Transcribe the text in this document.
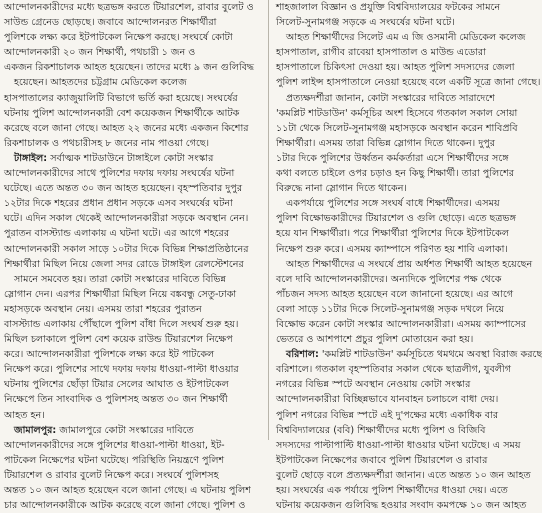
আন্দোলনকারীদের মধ্যে ছত্রভঙ্গ করতে টিয়ারশেল, রাবার বুলেট ও
সাউন্ড গ্রেনেড ছোড়ছে। জবাবে আন্দোলনরত শিক্ষার্থীরা
পুলিশকে লক্ষ্য করে ইটপাটকেল নিক্ষেপ করছে। সংঘর্ষে কোটা
আন্দোলনকারী ২০ জন শিক্ষার্থী, পথচারী ১ জন ও
একজন রিকশাচালক আহত হয়েছেন। তাদের মধ্যে ৯ জন গুলিবিদ্ধ
হয়েছেন। আহতদের চট্টগ্রাম মেডিকেল কলেজ
হাসপাতালের ক্যাজুয়ালিটি বিভাগে ভর্তি করা হয়েছে। সংঘর্ষের
ঘটনায় পুলিশ আন্দোলনকারী বেশ কয়েকজন শিক্ষার্থীকে আটক
করেছে বলে জানা গেছে। আহত ২২ জনের মধ্যে একজন কিশোর
রিকশাচালক ও পথচারীসহ ৮ জনের নাম পাওয়া গেছে।
টাঙ্গাইল: সর্বাত্মক শাটডাউনে টাঙ্গাইলে কোটা সংস্কার
আন্দোলনকারীদের সাথে পুলিশের দফায় দফায় সংঘর্ষের ঘটনা
ঘটেছে। এতে অন্তত ৩০ জন আহত হয়েছেন। বৃহস্পতিবার দুপুর
১২টার দিকে শহরের প্রধান প্রধান সড়কে এসব সংঘর্ষের ঘটনা
ঘটে। এদিন সকাল থেকেই আন্দোলনকারীরা সড়কে অবস্থান নেন।
পুরাতন বাসস্ট্যান্ড এলাকায় এ ঘটনা ঘটে। এর আগে শহরের
আন্দোলনকারী সকাল সাড়ে ১০টার দিকে বিভিন্ন শিক্ষাপ্রতিষ্ঠানের
শিক্ষার্থীরা মিছিল নিয়ে জেলা সদর রোডে টাঙ্গাইল রেলস্টেশনের
সামনে সমবেত হয়। তারা কোটা সংস্কারের দাবিতে বিভিন্ন
স্লোগান দেন। এরপর শিক্ষার্থীরা মিছিল নিয়ে বঙ্কবন্ধু সেতু-ঢাকা
মহাসড়কে অবস্থান নেয়। এসময় তারা শহরের পুরাতন
বাসস্ট্যান্ড এলাকায় পৌঁছালে পুলিশ বাঁধা দিলে সংঘর্ষ শুরু হয়।
মিছিল চলাকালে পুলিশ বেশ কয়েক রাউন্ড টিয়ারশেল নিক্ষেপ
করে। আন্দোলনকারীরা পুলিশকে লক্ষ্য করে ইট পাটকেল
নিক্ষেপ করে। পুলিশের সাথে দফায় দফায় ধাওয়া-পাল্টা ধাওয়ার
ঘটনায় পুলিশের ছোঁড়া টিয়ার সেলের আঘাত ও ইটপাটকেল
নিক্ষেপে তিন সাংবাদিক ও পুলিশসহ অন্তত ৩০ জন শিক্ষার্থী
আহত হন।
জামালপুর: জামালপুরে কোটা সংস্কারের দাবিতে
আন্দোলনকারীদের সঙ্গে পুলিশের ধাওয়া-পাল্টা ধাওয়া, ইট-
পাটকেল নিক্ষেপের ঘটনা ঘটেছে। পরিস্থিতি নিয়ন্ত্রণে পুলিশ
টিয়ারশেল ও রাবার বুলেট নিক্ষেপ করে। সংঘর্ষে পুলিশসহ
অন্তত ১০ জন আহত হয়েছেন বলে জানা গেছে। এ ঘটনায় পুলিশ
চার আন্দোলনকারীকে আটক করেছে বলে জানা গেছে। পুলিশ ও
শাহজালাল বিজ্ঞান ও প্রযুক্তি বিশ্ববিদ্যালয়ের ফটকের সামনে
সিলেট-সুনামগঞ্জ সড়কে এ সংঘর্ষের ঘটনা ঘটে।
আহত শিক্ষার্থীদের সিলেট এম এ জি ওসমানী মেডিকেল কলেজ
হাসপাতাল, রাগীব রাবেয়া হাসপাতাল ও মাউন্ড এডোরা
হাসপাতালে চিকিৎসা দেওয়া হয়। আহত পুলিশ সদস্যদের জেলা
পুলিশ লাইন্স হাসপাতালে নেওয়া হয়েছে বলে একটি সূত্রে জানা গেছে।
প্রত্যক্ষদর্শীরা জানান, কোটা সংস্কারের দাবিতে সারাদেশে
'কমপ্লিট শাটডাউন' কর্মসূচির অংশ হিসেবে গতকাল সকাল সোয়া
১১টা থেকে সিলেট-সুনামগঞ্জ মহাসড়কে অবস্থান করেন শাবিপ্রবি
শিক্ষার্থীরা। এসময় তারা বিভিন্ন স্লোগান দিতে থাকেন। দুপুর
১টার দিকে পুলিশের উর্ধ্বতন কর্মকর্তারা এসে শিক্ষার্থীদের সঙ্গে
কথা বলতে চাইলে ওপর চড়াও হন কিছু শিক্ষার্থী। তারা পুলিশের
বিরুদ্ধে নানা স্লোগান দিতে থাকেন।
একপর্যায়ে পুলিশের সঙ্গে সংঘর্ষ বাধে শিক্ষার্থীদের। এসময়
পুলিশ বিক্ষোভকারীদের টিয়ারশেল ও গুলি ছোড়ে। এতে ছত্রভঙ্গ
হয়ে যান শিক্ষার্থীরা। পরে শিক্ষার্থীরা পুলিশের দিকে ইটপাটকেল
নিক্ষেপ শুরু করে। এসময় ক্যাম্পাসে পরিণত হয় শাবি এলাকা।
আহত শিক্ষার্থীদের এ সংঘর্ষে প্রায় অর্ধশত শিক্ষার্থী আহত হয়েছেন
বলে দাবি আন্দোলনকারীদের। অন্যদিকে পুলিশের পক্ষ থেকে
পাঁচজন সদস্য আহত হয়েছেন বলে জানানো হয়েছে। এর আগে
বেলা সাড়ে ১১টার দিকে সিলেট-সুনামগঞ্জ সড়ক দখলে নিয়ে
বিক্ষোভ করেন কোটা সংস্কার আন্দোলনকারীরা। এসময় ক্যাম্পাসের
ভেতরে ও আশপাশে প্রচুর পুলিশ মোতায়েন করা হয়।
বরিশাল: 'কমপ্লিট শাটডাউন' কর্মসূচিতে থমথমে অবস্থা বিরাজ করছে
বরিশালে। গতকাল বৃহস্পতিবার সকাল থেকে ছাত্রলীগ, যুবলীগ
নগরের বিভিন্ন স্পটে অবস্থান নেওয়ায় কোটা সংস্কার
আন্দোলনকারীরা বিচ্ছিন্নভাবে যানবাহন চলাচলে বাধা দেয়।
পুলিশ নগরের বিভিন্ন স্পটে এই দু'পক্ষের মধ্যে একাধিক বার
বিশ্ববিদ্যালয়ের (ববি) শিক্ষার্থীদের মধ্যে পুলিশ ও বিজিবি
সদস্যদের পাল্টাপাল্টি ধাওয়া-পাল্টা ধাওয়ার ঘটনা ঘটেছে। এ সময়
ইটপাটকেল নিক্ষেপের জবাবে পুলিশ টিয়ারশেল ও রাবার
বুলেট ছোড়ে বলে প্রত্যক্ষদর্শীরা জানান। এতে অন্তত ১০ জন আহত
হয়। সংঘর্ষের এক পর্যায়ে পুলিশ শিক্ষার্থীদের ধাওয়া দেয়। এতে
ঘটনায় কয়েকজন গুলিবিদ্ধ হওয়ার সংবাদ কমপক্ষে ১০ জন আহত
